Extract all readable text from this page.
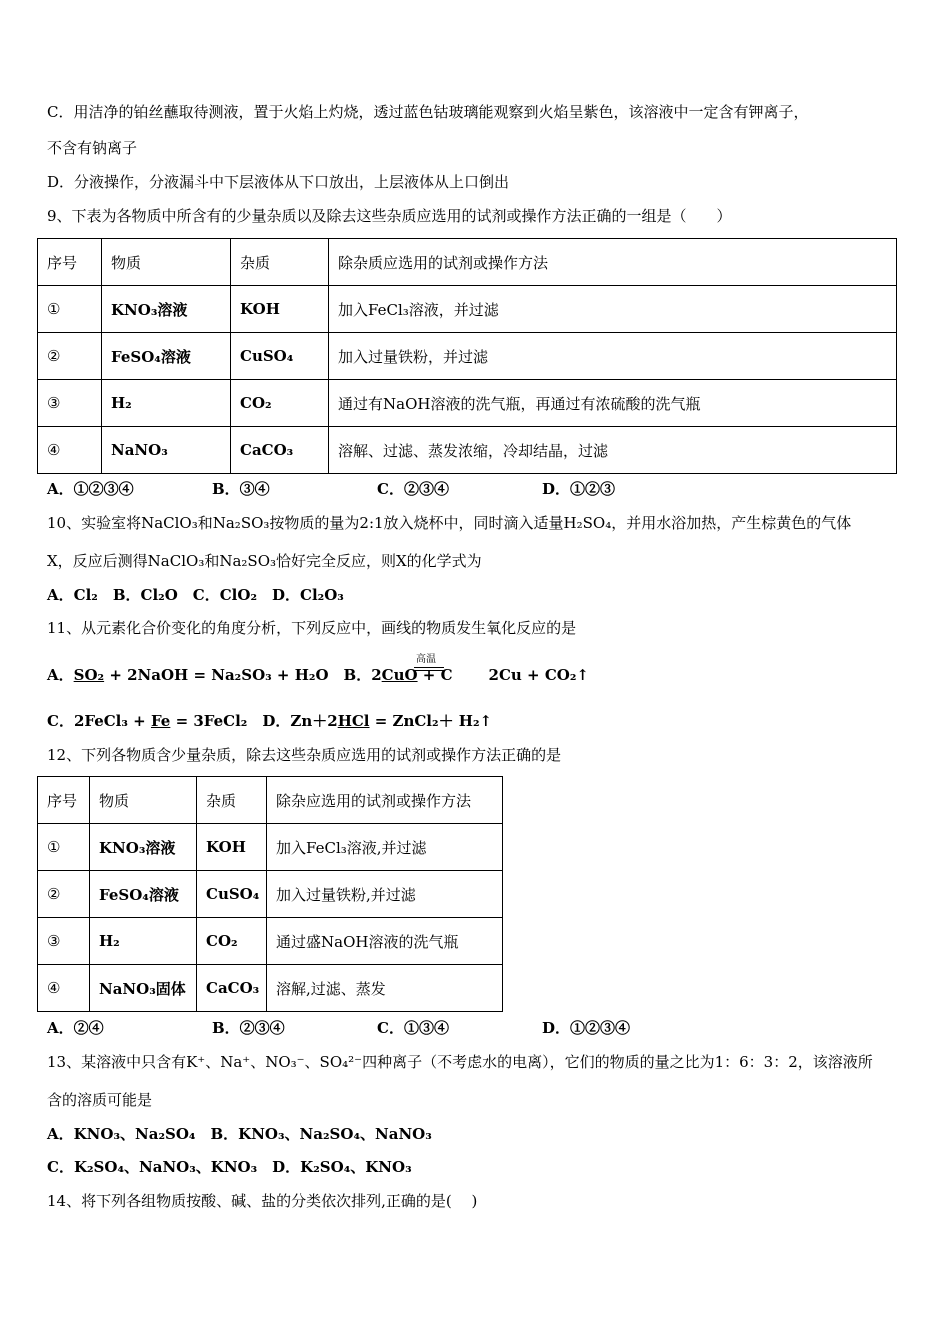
C．用洁净的铂丝蘸取待测液，置于火焰上灼烧，透过蓝色钴玻璃能观察到火焰呈紫色，该溶液中一定含有钾离子，
不含有钠离子
D．分液操作，分液漏斗中下层液体从下口放出，上层液体从上口倒出
9、下表为各物质中所含有的少量杂质以及除去这些杂质应选用的试剂或操作方法正确的一组是（　　）
序号	物质	杂质	除杂质应选用的试剂或操作方法
①	KNO₃溶液	KOH	加入FeCl₃溶液，并过滤
②	FeSO₄溶液	CuSO₄	加入过量铁粉，并过滤
③	H₂	CO₂	通过有NaOH溶液的洗气瓶，再通过有浓硫酸的洗气瓶
④	NaNO₃	CaCO₃	溶解、过滤、蒸发浓缩，冷却结晶，过滤
A．①②③④	B．③④	C．②③④	D．①②③
10、实验室将NaClO₃和Na₂SO₃按物质的量为2:1放入烧杯中，同时滴入适量H₂SO₄，并用水浴加热，产生棕黄色的气体
X，反应后测得NaClO₃和Na₂SO₃恰好完全反应，则X的化学式为
A．Cl₂　B．Cl₂O　C．ClO₂　D．Cl₂O₃
11、从元素化合价变化的角度分析，下列反应中，画线的物质发生氧化反应的是
高温
A．SO₂ + 2NaOH = Na₂SO₃ + H₂O　B．2CuO + C 2Cu + CO₂↑
C．2FeCl₃ + Fe = 3FeCl₂　D．Zn＋2HCl = ZnCl₂＋ H₂↑
12、下列各物质含少量杂质，除去这些杂质应选用的试剂或操作方法正确的是
序号	物质	杂质	除杂应选用的试剂或操作方法
①	KNO₃溶液	KOH	加入FeCl₃溶液,并过滤
②	FeSO₄溶液	CuSO₄	加入过量铁粉,并过滤
③	H₂	CO₂	通过盛NaOH溶液的洗气瓶
④	NaNO₃固体	CaCO₃	溶解,过滤、蒸发
A．②④	B．②③④	C．①③④	D．①②③④
13、某溶液中只含有K⁺、Na⁺、NO₃⁻、SO₄²⁻四种离子（不考虑水的电离），它们的物质的量之比为1：6：3：2，该溶液所
含的溶质可能是
A．KNO₃、Na₂SO₄　B．KNO₃、Na₂SO₄、NaNO₃
C．K₂SO₄、NaNO₃、KNO₃　D．K₂SO₄、KNO₃
14、将下列各组物质按酸、碱、盐的分类依次排列,正确的是(　 )
